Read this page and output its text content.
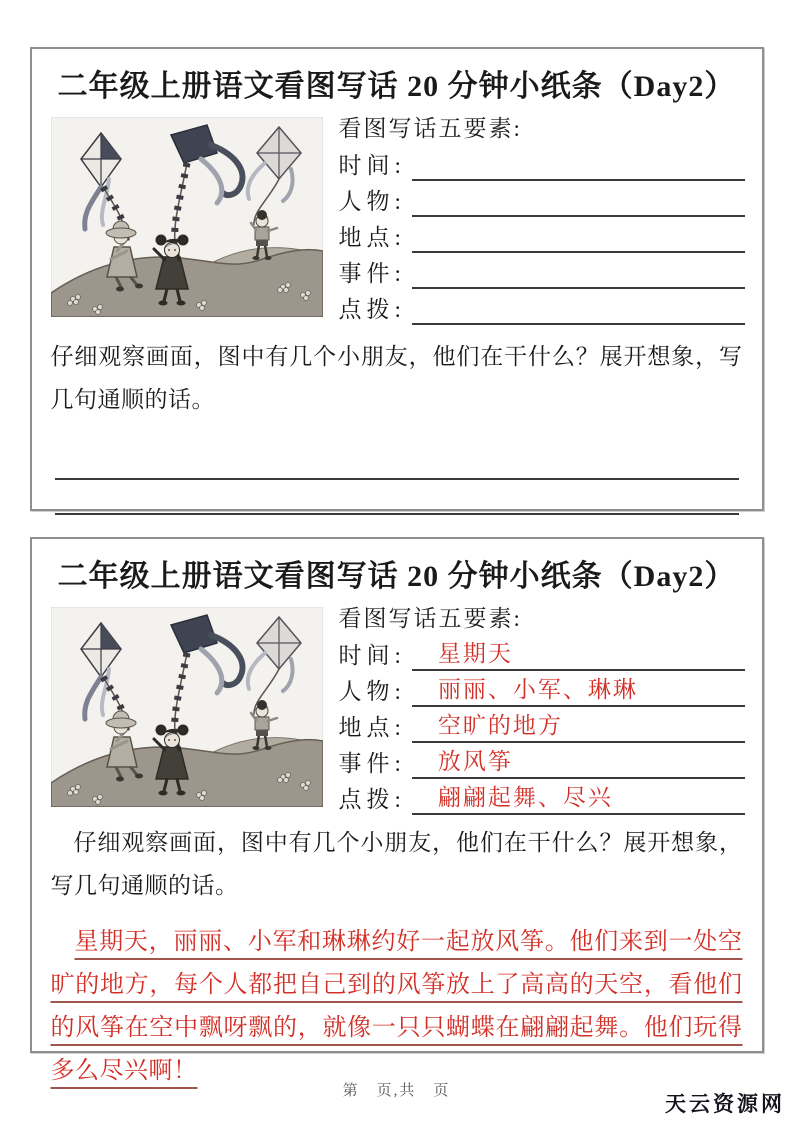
二年级上册语文看图写话 20 分钟小纸条（Day2）
看图写话五要素:
时间:
人物:
地点:
事件:
点拨:

仔细观察画面，图中有几个小朋友，他们在干什么？展开想象，写几句通顺的话。

二年级上册语文看图写话 20 分钟小纸条（Day2）
看图写话五要素:
时间:	星期天
人物:	丽丽、小军、琳琳
地点:	空旷的地方
事件:	放风筝
点拨:	翩翩起舞、尽兴

仔细观察画面，图中有几个小朋友，他们在干什么？展开想象，写几句通顺的话。

星期天，丽丽、小军和琳琳约好一起放风筝。他们来到一处空旷的地方，每个人都把自己到的风筝放上了高高的天空，看他们的风筝在空中飘呀飘的，就像一只只蝴蝶在翩翩起舞。他们玩得多么尽兴啊！

第　页,共　页
天云资源网
